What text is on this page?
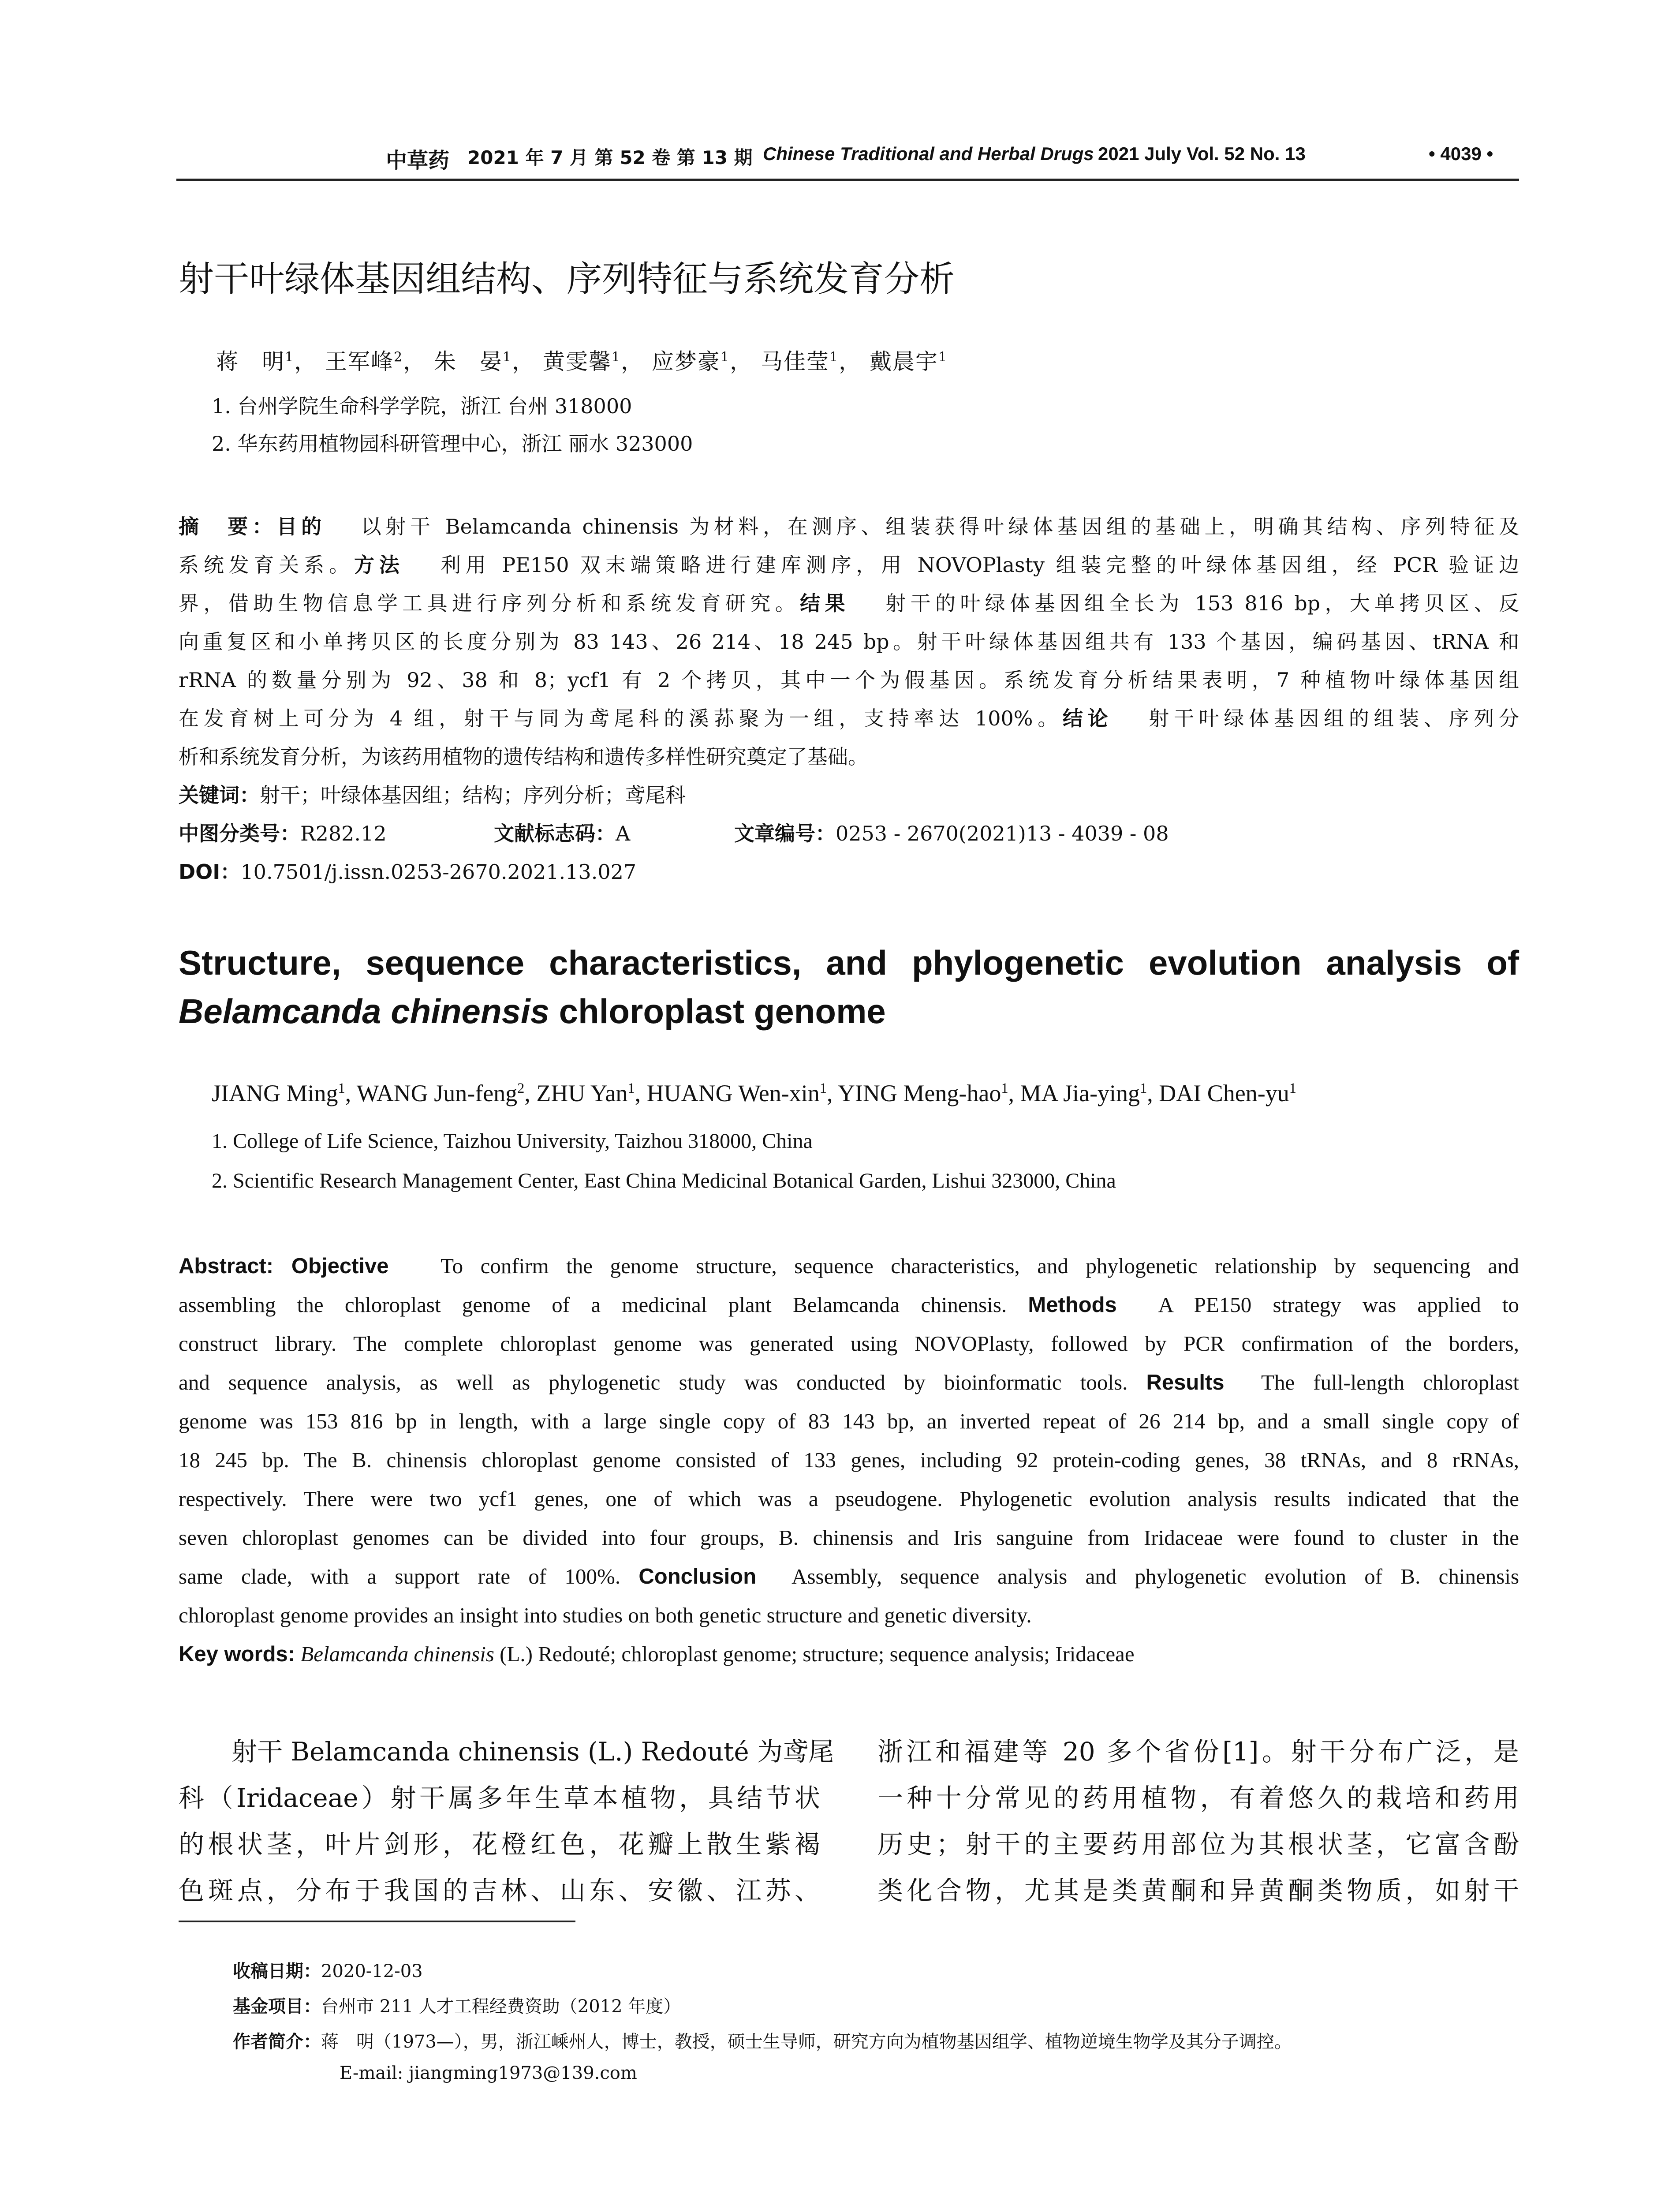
中草药 2021 年 7 月 第 52 卷 第 13 期 Chinese Traditional and Herbal Drugs 2021 July Vol. 52 No. 13	• 4039 •
射干叶绿体基因组结构、序列特征与系统发育分析
蒋　明$^1$， 王军峰$^2$， 朱　晏$^1$， 黄雯馨$^1$， 应梦豪$^1$， 马佳莹$^1$， 戴晨宇$^1$
1. 台州学院生命科学学院，浙江 台州 318000
2. 华东药用植物园科研管理中心，浙江 丽水 323000
摘　要：目的　 以射干 Belamcanda chinensis 为材料，在测序、组装获得叶绿体基因组的基础上，明确其结构、序列特征及
系统发育关系。方法　 利用 PE150 双末端策略进行建库测序，用 NOVOPlasty 组装完整的叶绿体基因组，经 PCR 验证边
界，借助生物信息学工具进行序列分析和系统发育研究。结果　 射干的叶绿体基因组全长为 153 816 bp，大单拷贝区、反
向重复区和小单拷贝区的长度分别为 83 143、26 214、18 245 bp。射干叶绿体基因组共有 133 个基因，编码基因、tRNA 和
rRNA 的数量分别为 92、38 和 8；ycf1 有 2 个拷贝，其中一个为假基因。系统发育分析结果表明，7 种植物叶绿体基因组
在发育树上可分为 4 组，射干与同为鸢尾科的溪荪聚为一组，支持率达 100%。结论　 射干叶绿体基因组的组装、序列分
析和系统发育分析，为该药用植物的遗传结构和遗传多样性研究奠定了基础。
关键词：射干；叶绿体基因组；结构；序列分析；鸢尾科
中图分类号：R282.12	文献标志码：A	文章编号：0253 - 2670(2021)13 - 4039 - 08
DOI：10.7501/j.issn.0253-2670.2021.13.027
Structure, sequence characteristics, and phylogenetic evolution analysis of
Belamcanda chinensis chloroplast genome
JIANG Ming$^1$, WANG Jun-feng$^2$, ZHU Yan$^1$, HUANG Wen-xin$^1$, YING Meng-hao$^1$, MA Jia-ying$^1$, DAI Chen-$yu^1$
1. College of Life Science, Taizhou University, Taizhou 318000, China
2. Scientific Research Management Center, East China Medicinal Botanical Garden, Lishui 323000, China
Abstract: Objective To confirm the genome structure, sequence characteristics, and phylogenetic relationship by sequencing and
assembling the chloroplast genome of a medicinal plant Belamcanda chinensis. Methods A PE150 strategy was applied to
construct library. The complete chloroplast genome was generated using NOVOPlasty, followed by PCR confirmation of the borders,
and sequence analysis, as well as phylogenetic study was conducted by bioinformatic tools. Results The full-length chloroplast
genome was 153 816 bp in length, with a large single copy of 83 143 bp, an inverted repeat of 26 214 bp, and a small single copy of
18 245 bp. The B. chinensis chloroplast genome consisted of 133 genes, including 92 protein-coding genes, 38 tRNAs, and 8 rRNAs,
respectively. There were two ycf1 genes, one of which was a pseudogene. Phylogenetic evolution analysis results indicated that the
seven chloroplast genomes can be divided into four groups, B. chinensis and Iris sanguine from Iridaceae were found to cluster in the
same clade, with a support rate of 100%. Conclusion Assembly, sequence analysis and phylogenetic evolution of B. chinensis
chloroplast genome provides an insight into studies on both genetic structure and genetic diversity.
Key words: Belamcanda chinensis (L.) Redouté; chloroplast genome; structure; sequence analysis; Iridaceae
射干 Belamcanda chinensis (L.) Redouté 为鸢尾
科（Iridaceae）射干属多年生草本植物，具结节状
的根状茎，叶片剑形，花橙红色，花瓣上散生紫褐
色斑点，分布于我国的吉林、山东、安徽、江苏、
浙江和福建等 20 多个省份[1]。射干分布广泛，是
一种十分常见的药用植物，有着悠久的栽培和药用
历史；射干的主要药用部位为其根状茎，它富含酚
类化合物，尤其是类黄酮和异黄酮类物质，如射干
收稿日期：2020-12-03
基金项目：台州市 211 人才工程经费资助（2012 年度）
作者简介：蒋　明（1973—），男，浙江嵊州人，博士，教授，硕士生导师，研究方向为植物基因组学、植物逆境生物学及其分子调控。
E-mail: jiangming1973@139.com
